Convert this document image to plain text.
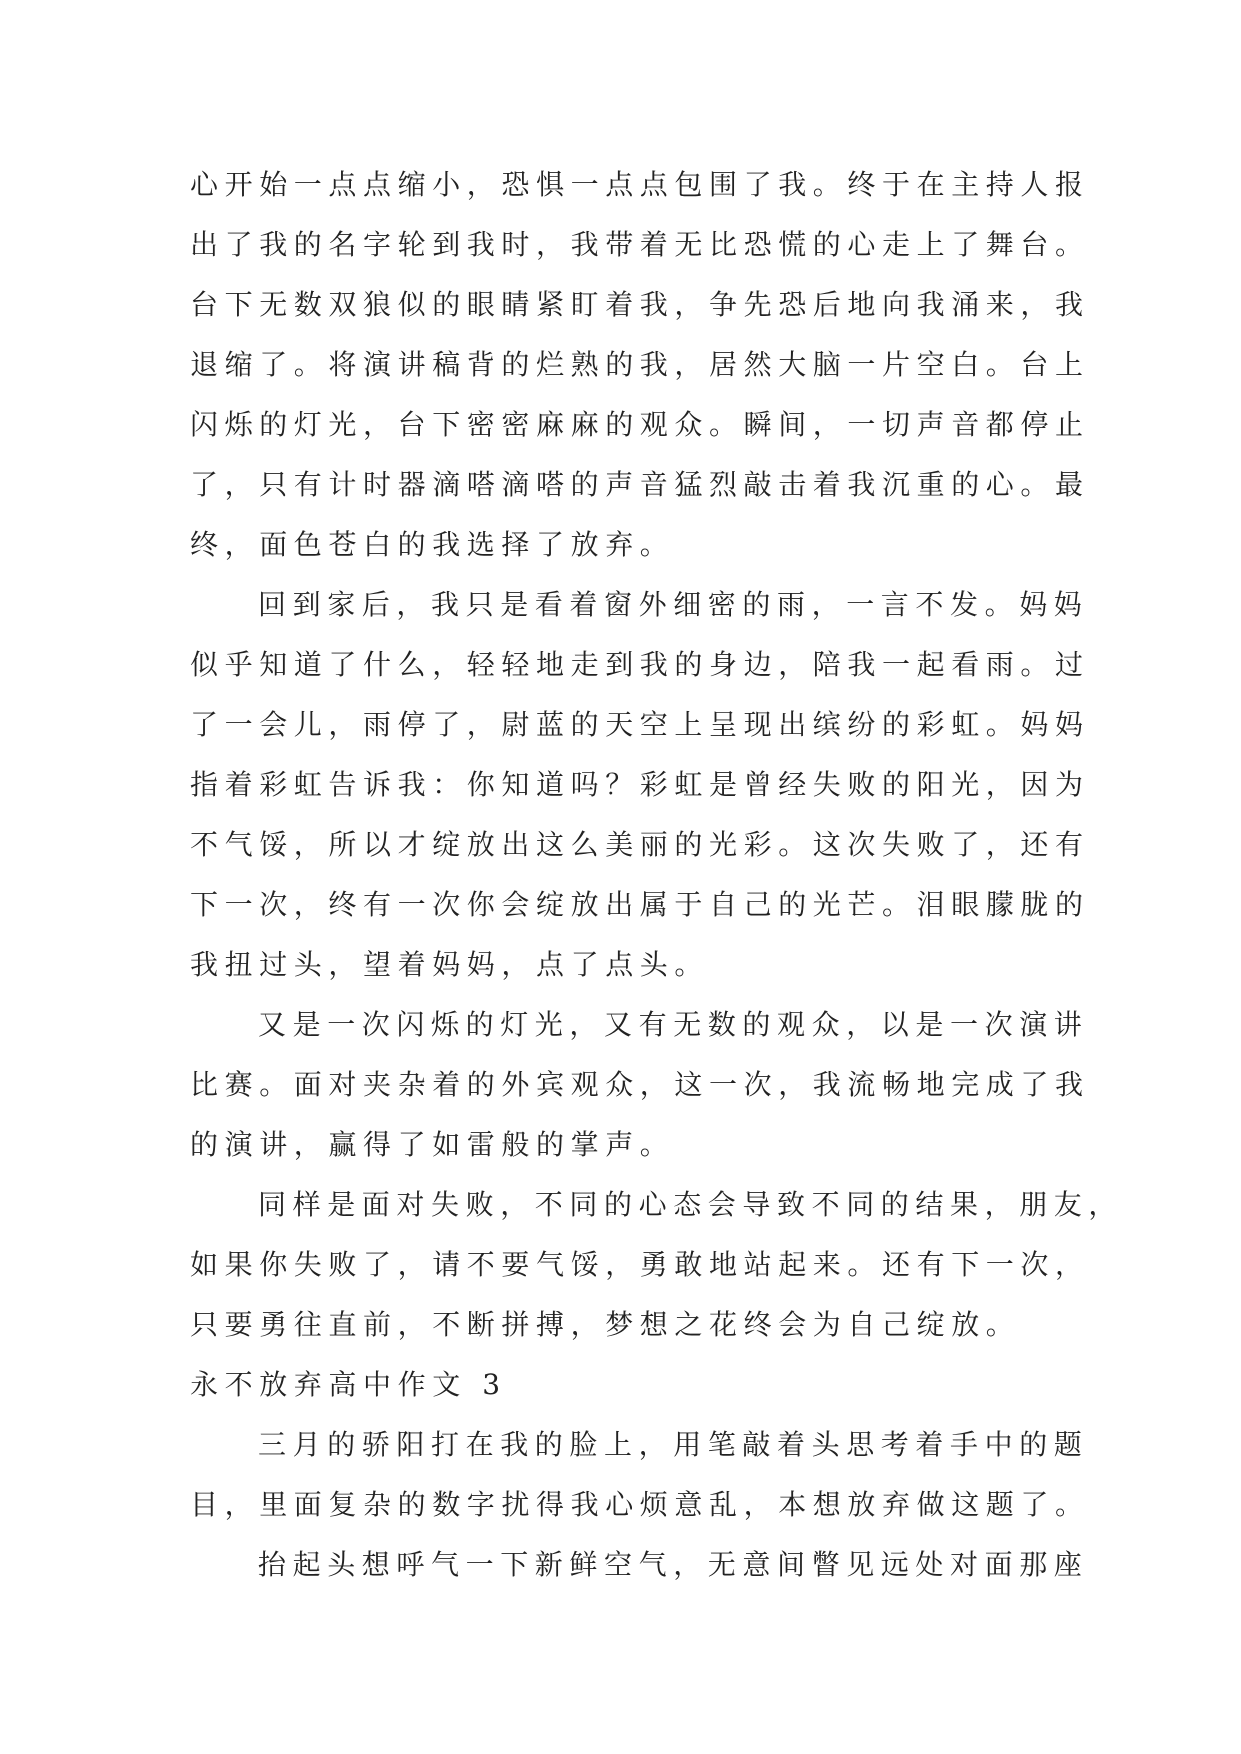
心开始一点点缩小，恐惧一点点包围了我。终于在主持人报
出了我的名字轮到我时，我带着无比恐慌的心走上了舞台。
台下无数双狼似的眼睛紧盯着我，争先恐后地向我涌来，我
退缩了。将演讲稿背的烂熟的我，居然大脑一片空白。台上
闪烁的灯光，台下密密麻麻的观众。瞬间，一切声音都停止
了，只有计时器滴嗒滴嗒的声音猛烈敲击着我沉重的心。最
终，面色苍白的我选择了放弃。
回到家后，我只是看着窗外细密的雨，一言不发。妈妈
似乎知道了什么，轻轻地走到我的身边，陪我一起看雨。过
了一会儿，雨停了，尉蓝的天空上呈现出缤纷的彩虹。妈妈
指着彩虹告诉我：你知道吗？彩虹是曾经失败的阳光，因为
不气馁，所以才绽放出这么美丽的光彩。这次失败了，还有
下一次，终有一次你会绽放出属于自己的光芒。泪眼朦胧的
我扭过头，望着妈妈，点了点头。
又是一次闪烁的灯光，又有无数的观众，以是一次演讲
比赛。面对夹杂着的外宾观众，这一次，我流畅地完成了我
的演讲，赢得了如雷般的掌声。
同样是面对失败，不同的心态会导致不同的结果，朋友，
如果你失败了，请不要气馁，勇敢地站起来。还有下一次，
只要勇往直前，不断拼搏，梦想之花终会为自己绽放。
永不放弃高中作文 3
三月的骄阳打在我的脸上，用笔敲着头思考着手中的题
目，里面复杂的数字扰得我心烦意乱，本想放弃做这题了。
抬起头想呼气一下新鲜空气，无意间瞥见远处对面那座
